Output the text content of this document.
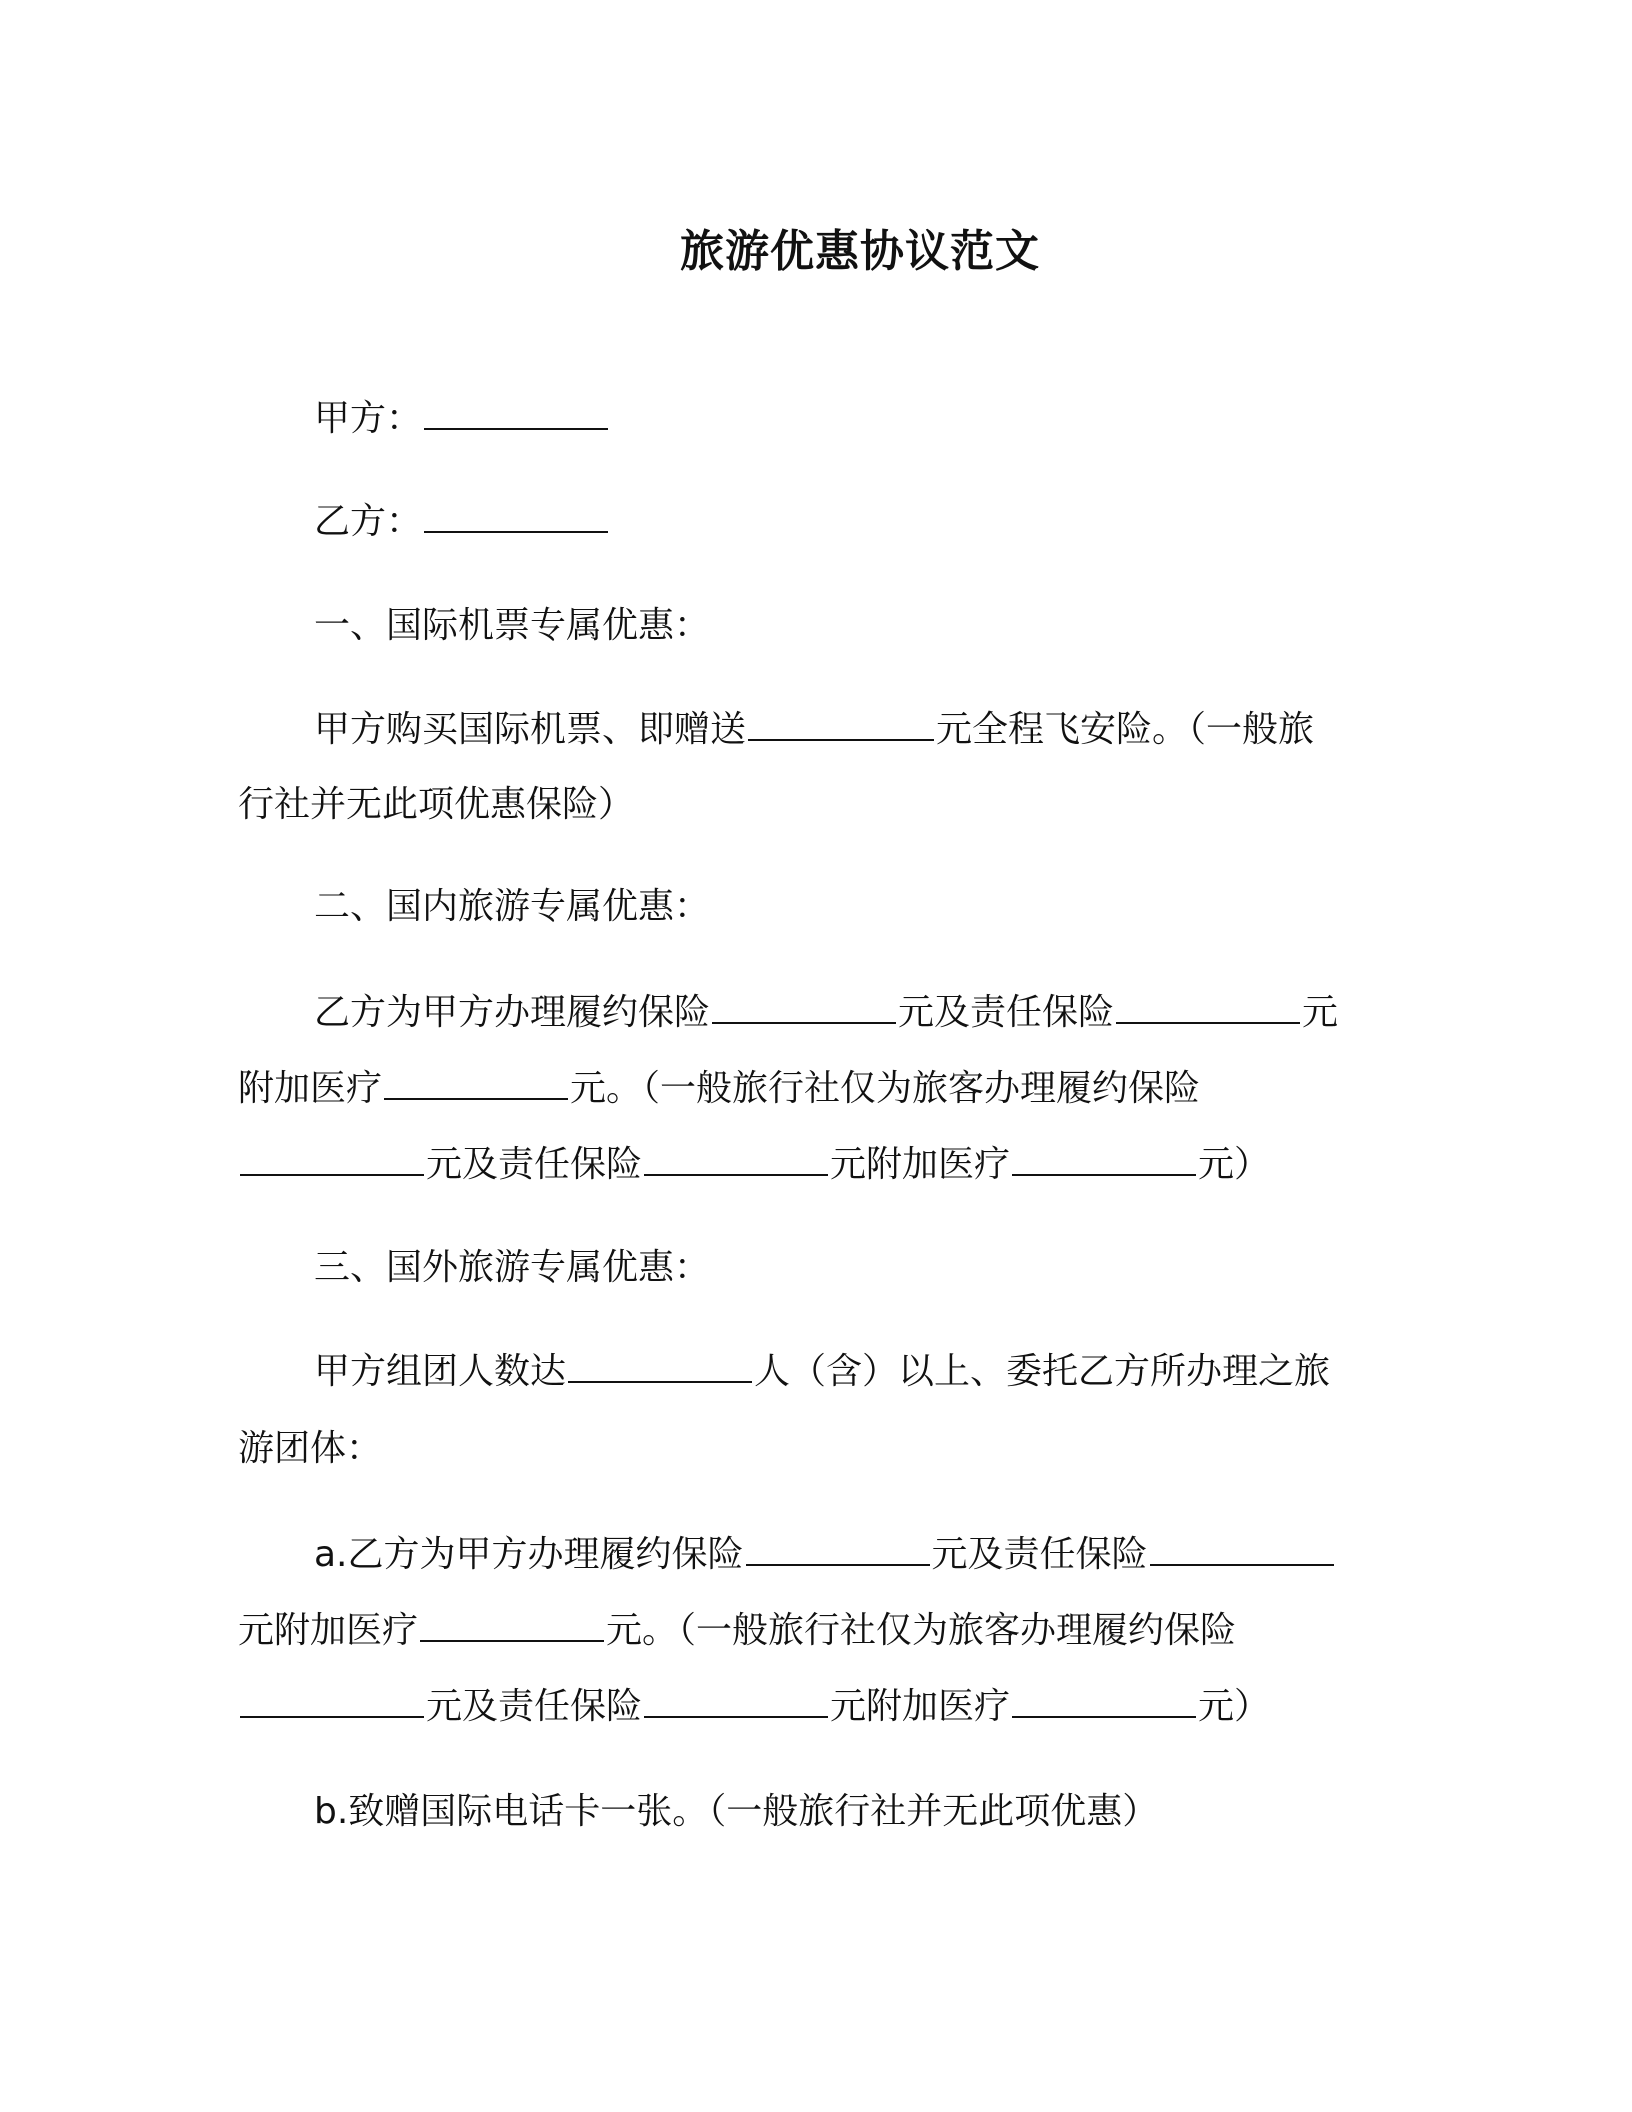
旅游优惠协议范文
甲方：
乙方：
一、国际机票专属优惠：
甲方购买国际机票、即赠送	元全程飞安险。（一般旅
行社并无此项优惠保险）
二、国内旅游专属优惠：
乙方为甲方办理履约保险	元及责任保险	元
附加医疗	元。（一般旅行社仅为旅客办理履约保险
元及责任保险	元附加医疗	元）
三、国外旅游专属优惠：
甲方组团人数达	人（含）以上、委托乙方所办理之旅
游团体：
a.乙方为甲方办理履约保险	元及责任保险
元附加医疗	元。（一般旅行社仅为旅客办理履约保险
元及责任保险	元附加医疗	元）
b.致赠国际电话卡一张。（一般旅行社并无此项优惠）
